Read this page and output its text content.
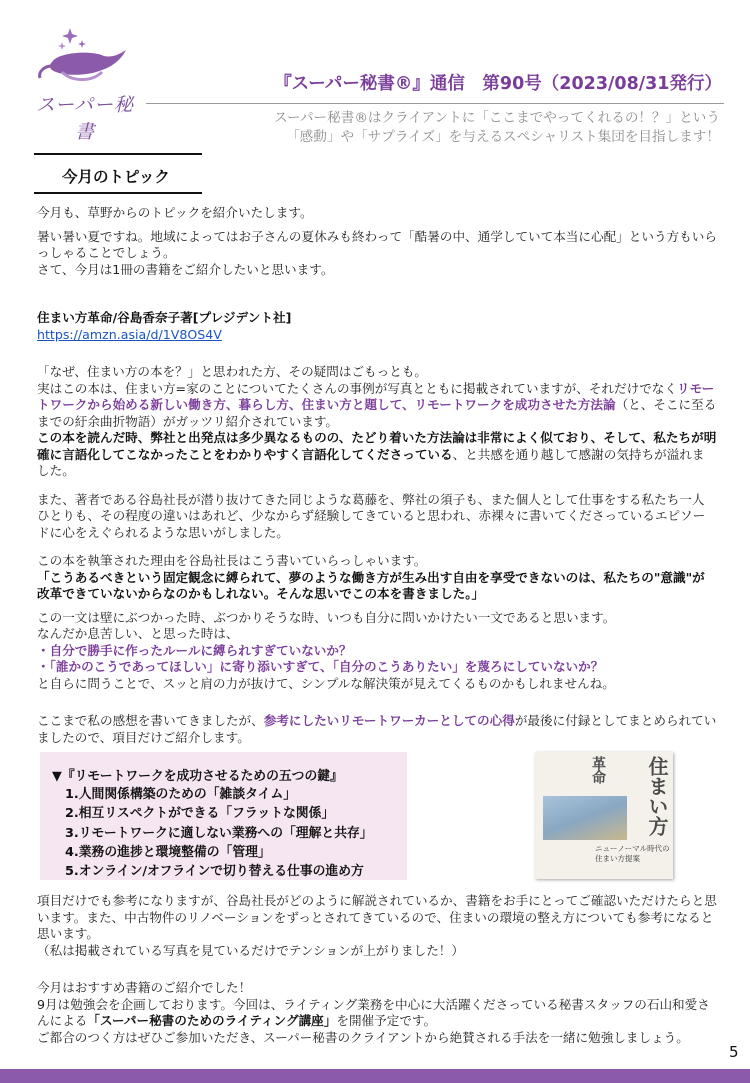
スーパー秘書
『スーパー秘書®』通信　第90号（2023/08/31発行）
スーパー秘書®はクライアントに「ここまでやってくれるの！？」という
「感動」や「サプライズ」を与えるスペシャリスト集団を目指します！
今月のトピック

今月も、草野からのトピックを紹介いたします。

暑い暑い夏ですね。地域によってはお子さんの夏休みも終わって「酷暑の中、通学していて本当に心配」という方もいらっしゃることでしょう。

さて、今月は1冊の書籍をご紹介したいと思います。

住まい方革命/谷島香奈子著[プレジデント社]

https://amzn.asia/d/1V8OS4V

「なぜ、住まい方の本を？」と思われた方、その疑問はごもっとも。

実はこの本は、住まい方=家のことについてたくさんの事例が写真とともに掲載されていますが、それだけでなくリモートワークから始める新しい働き方、暮らし方、住まい方と題して、リモートワークを成功させた方法論（と、そこに至るまでの紆余曲折物語）がガッツリ紹介されています。

この本を読んだ時、弊社と出発点は多少異なるものの、たどり着いた方法論は非常によく似ており、そして、私たちが明確に言語化してこなかったことをわかりやすく言語化してくださっている、と共感を通り越して感謝の気持ちが溢れました。

また、著者である谷島社長が潜り抜けてきた同じような葛藤を、弊社の須子も、また個人として仕事をする私たち一人ひとりも、その程度の違いはあれど、少なからず経験してきていると思われ、赤裸々に書いてくださっているエピソードに心をえぐられるような思いがしました。

この本を執筆された理由を谷島社長はこう書いていらっしゃいます。

「こうあるべきという固定観念に縛られて、夢のような働き方が生み出す自由を享受できないのは、私たちの"意識"が改革できていないからなのかもしれない。そんな思いでこの本を書きました。」

この一文は壁にぶつかった時、ぶつかりそうな時、いつも自分に問いかけたい一文であると思います。

なんだか息苦しい、と思った時は、

・自分で勝手に作ったルールに縛られすぎていないか？

・「誰かのこうであってほしい」に寄り添いすぎて、「自分のこうありたい」を蔑ろにしていないか？

と自らに問うことで、スッと肩の力が抜けて、シンプルな解決策が見えてくるものかもしれませんね。

ここまで私の感想を書いてきましたが、参考にしたいリモートワーカーとしての心得が最後に付録としてまとめられていましたので、項目だけご紹介します。

項目だけでも参考になりますが、谷島社長がどのように解説されているか、書籍をお手にとってご確認いただけたらと思います。また、中古物件のリノベーションをずっとされてきているので、住まいの環境の整え方についても参考になると思います。

（私は掲載されている写真を見ているだけでテンションが上がりました！）

今月はおすすめ書籍のご紹介でした！

9月は勉強会を企画しております。今回は、ライティング業務を中心に大活躍くださっている秘書スタッフの石山和愛さんによる「スーパー秘書のためのライティング講座」を開催予定です。

ご都合のつく方はぜひご参加いただき、スーパー秘書のクライアントから絶賛される手法を一緒に勉強しましょう。

▼『リモートワークを成功させるための五つの鍵』
1.人間関係構築のための「雑談タイム」
2.相互リスペクトができる「フラットな関係」
3.リモートワークに適しない業務への「理解と共存」
4.業務の進捗と環境整備の「管理」
5.オンライン/オフラインで切り替える仕事の進め方
住まい方
革命
ニューノーマル時代の住まい方提案
5
